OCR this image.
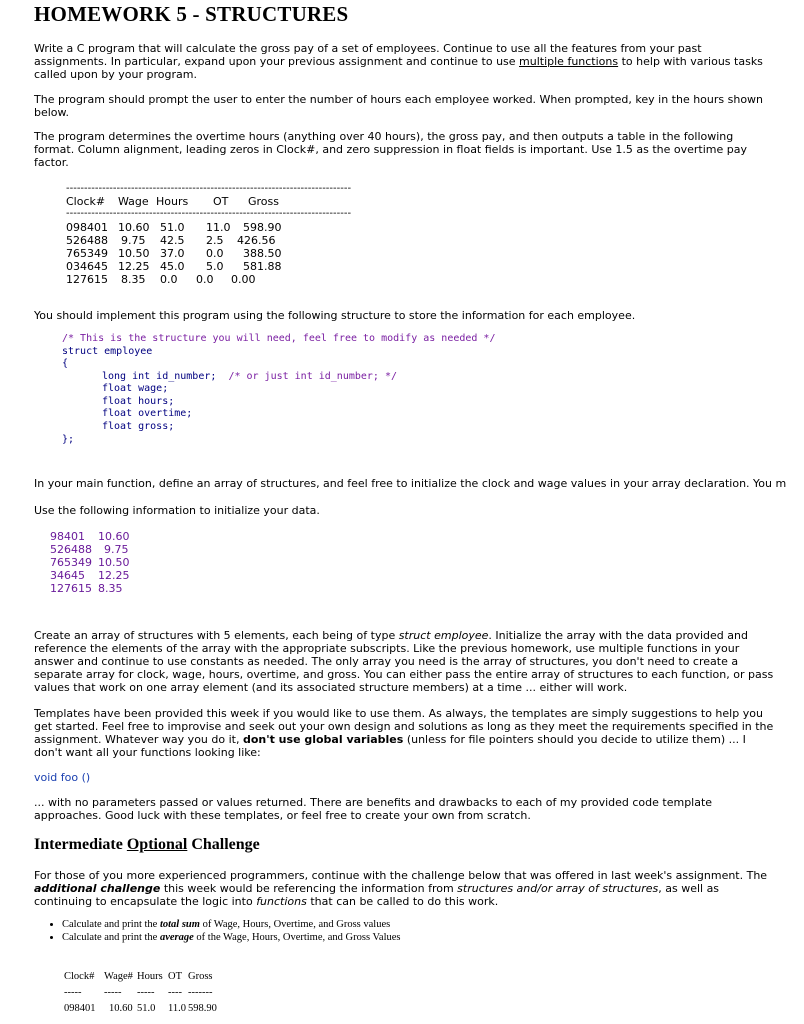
HOMEWORK 5 - STRUCTURES
Write a C program that will calculate the gross pay of a set of employees. Continue to use all the features from your past assignments. In particular, expand upon your previous assignment and continue to use multiple functions to help with various tasks called upon by your program.
The program should prompt the user to enter the number of hours each employee worked. When prompted, key in the hours shown below.
The program determines the overtime hours (anything over 40 hours), the gross pay, and then outputs a table in the following format. Column alignment, leading zeros in Clock#, and zero suppression in float fields is important. Use 1.5 as the overtime pay factor.
-------------------------------------------------------------------------------
Clock# Wage Hours OT Gross
-------------------------------------------------------------------------------
098401 10.60 51.0 11.0 598.90
526488 9.75 42.5 2.5 426.56
765349 10.50 37.0 0.0 388.50
034645 12.25 45.0 5.0 581.88
127615 8.35 0.0 0.0 0.00
You should implement this program using the following structure to store the information for each employee.
/* This is the structure you will need, feel free to modify as needed */
struct employee
{
long int id_number; /* or just int id_number; */
float wage;
float hours;
float overtime;
float gross;
};
In your main function, define an array of structures, and feel free to initialize the clock and wage values in your array declaration. You m
Use the following information to initialize your data.
98401 10.60
526488 9.75
765349 10.50
34645 12.25
127615 8.35
Create an array of structures with 5 elements, each being of type struct employee. Initialize the array with the data provided and reference the elements of the array with the appropriate subscripts. Like the previous homework, use multiple functions in your answer and continue to use constants as needed. The only array you need is the array of structures, you don't need to create a separate array for clock, wage, hours, overtime, and gross. You can either pass the entire array of structures to each function, or pass values that work on one array element (and its associated structure members) at a time ... either will work.
Templates have been provided this week if you would like to use them. As always, the templates are simply suggestions to help you get started. Feel free to improvise and seek out your own design and solutions as long as they meet the requirements specified in the assignment. Whatever way you do it, don't use global variables (unless for file pointers should you decide to utilize them) ... I don't want all your functions looking like:
void foo ()
... with no parameters passed or values returned. There are benefits and drawbacks to each of my provided code template approaches. Good luck with these templates, or feel free to create your own from scratch.
Intermediate Optional Challenge
For those of you more experienced programmers, continue with the challenge below that was offered in last week's assignment. The additional challenge this week would be referencing the information from structures and/or array of structures, as well as continuing to encapsulate the logic into functions that can be called to do this work.
• Calculate and print the total sum of Wage, Hours, Overtime, and Gross values
• Calculate and print the average of the Wage, Hours, Overtime, and Gross Values
Clock# Wage# Hours OT Gross
----- ----- ----- ---- -------
098401 10.60 51.0 11.0 598.90
